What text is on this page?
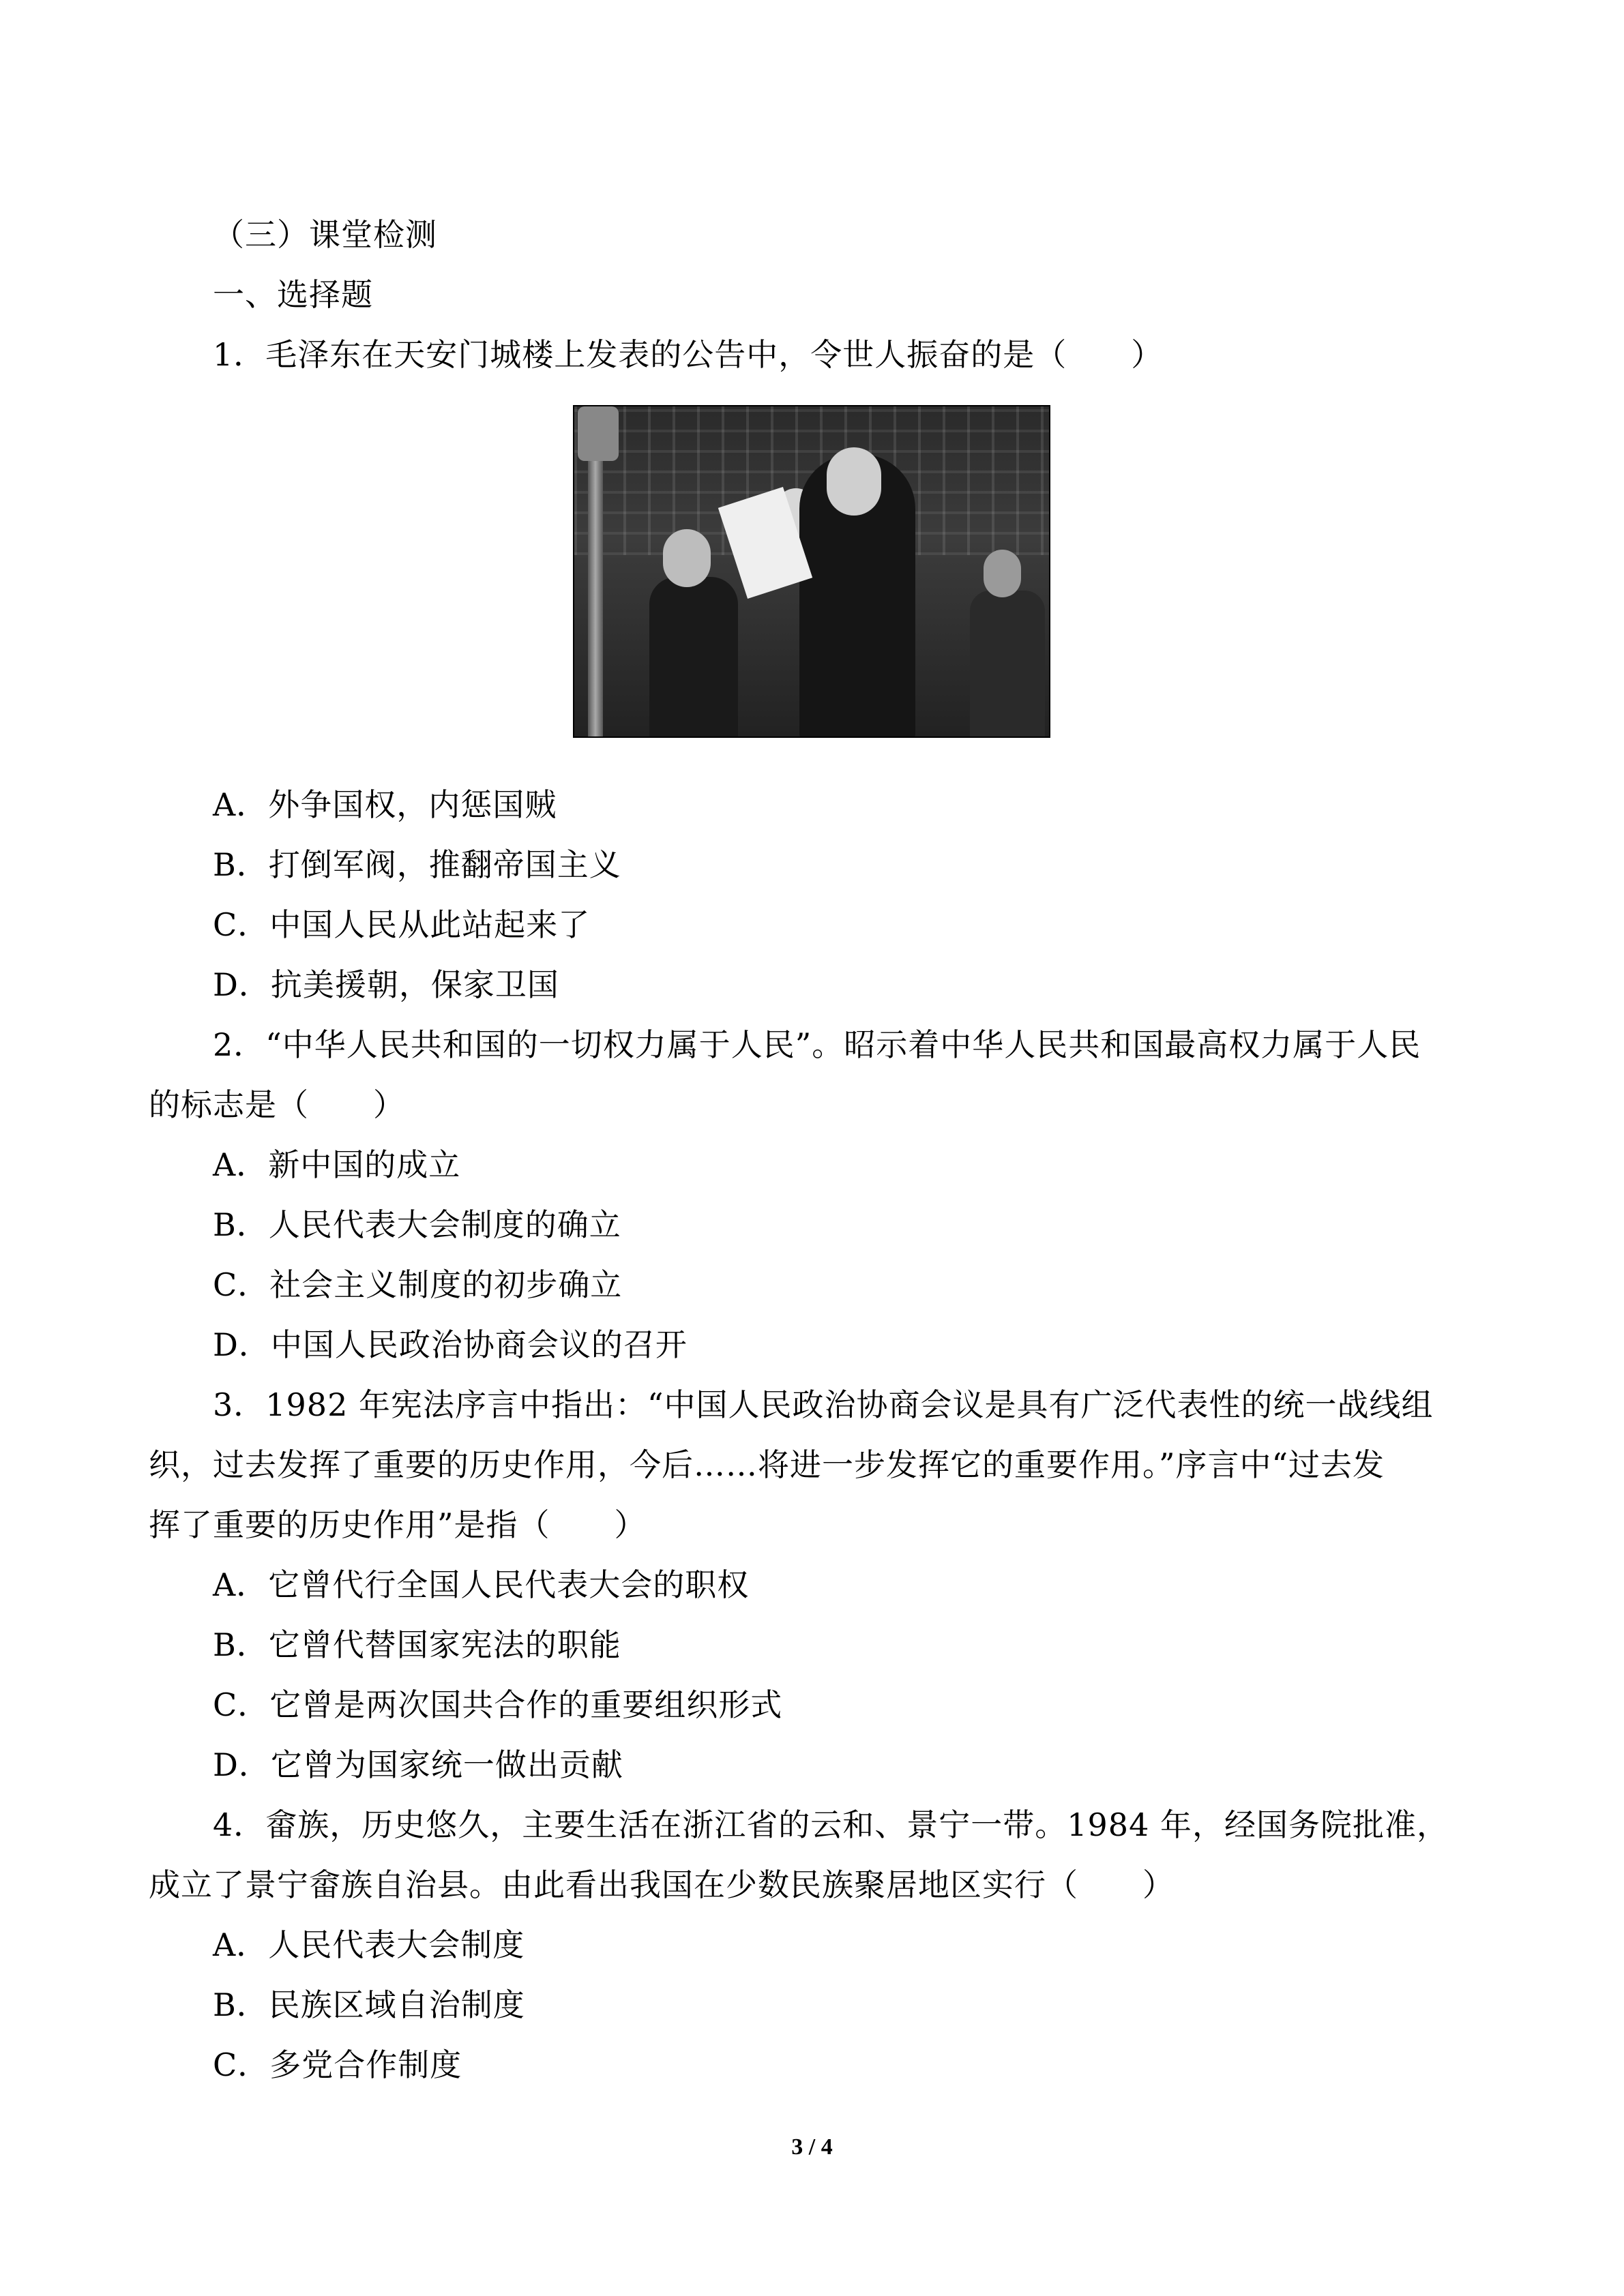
（三）课堂检测
一、选择题
1．毛泽东在天安门城楼上发表的公告中，令世人振奋的是（　　）
A．外争国权，内惩国贼
B．打倒军阀，推翻帝国主义
C．中国人民从此站起来了
D．抗美援朝，保家卫国
2．“中华人民共和国的一切权力属于人民”。昭示着中华人民共和国最高权力属于人民
的标志是（　　）
A．新中国的成立
B．人民代表大会制度的确立
C．社会主义制度的初步确立
D．中国人民政治协商会议的召开
3．1982 年宪法序言中指出：“中国人民政治协商会议是具有广泛代表性的统一战线组
织，过去发挥了重要的历史作用，今后……将进一步发挥它的重要作用。”序言中“过去发
挥了重要的历史作用”是指（　　）
A．它曾代行全国人民代表大会的职权
B．它曾代替国家宪法的职能
C．它曾是两次国共合作的重要组织形式
D．它曾为国家统一做出贡献
4．畲族，历史悠久，主要生活在浙江省的云和、景宁一带。1984 年，经国务院批准，
成立了景宁畲族自治县。由此看出我国在少数民族聚居地区实行（　　）
A．人民代表大会制度
B．民族区域自治制度
C．多党合作制度
3 / 4
